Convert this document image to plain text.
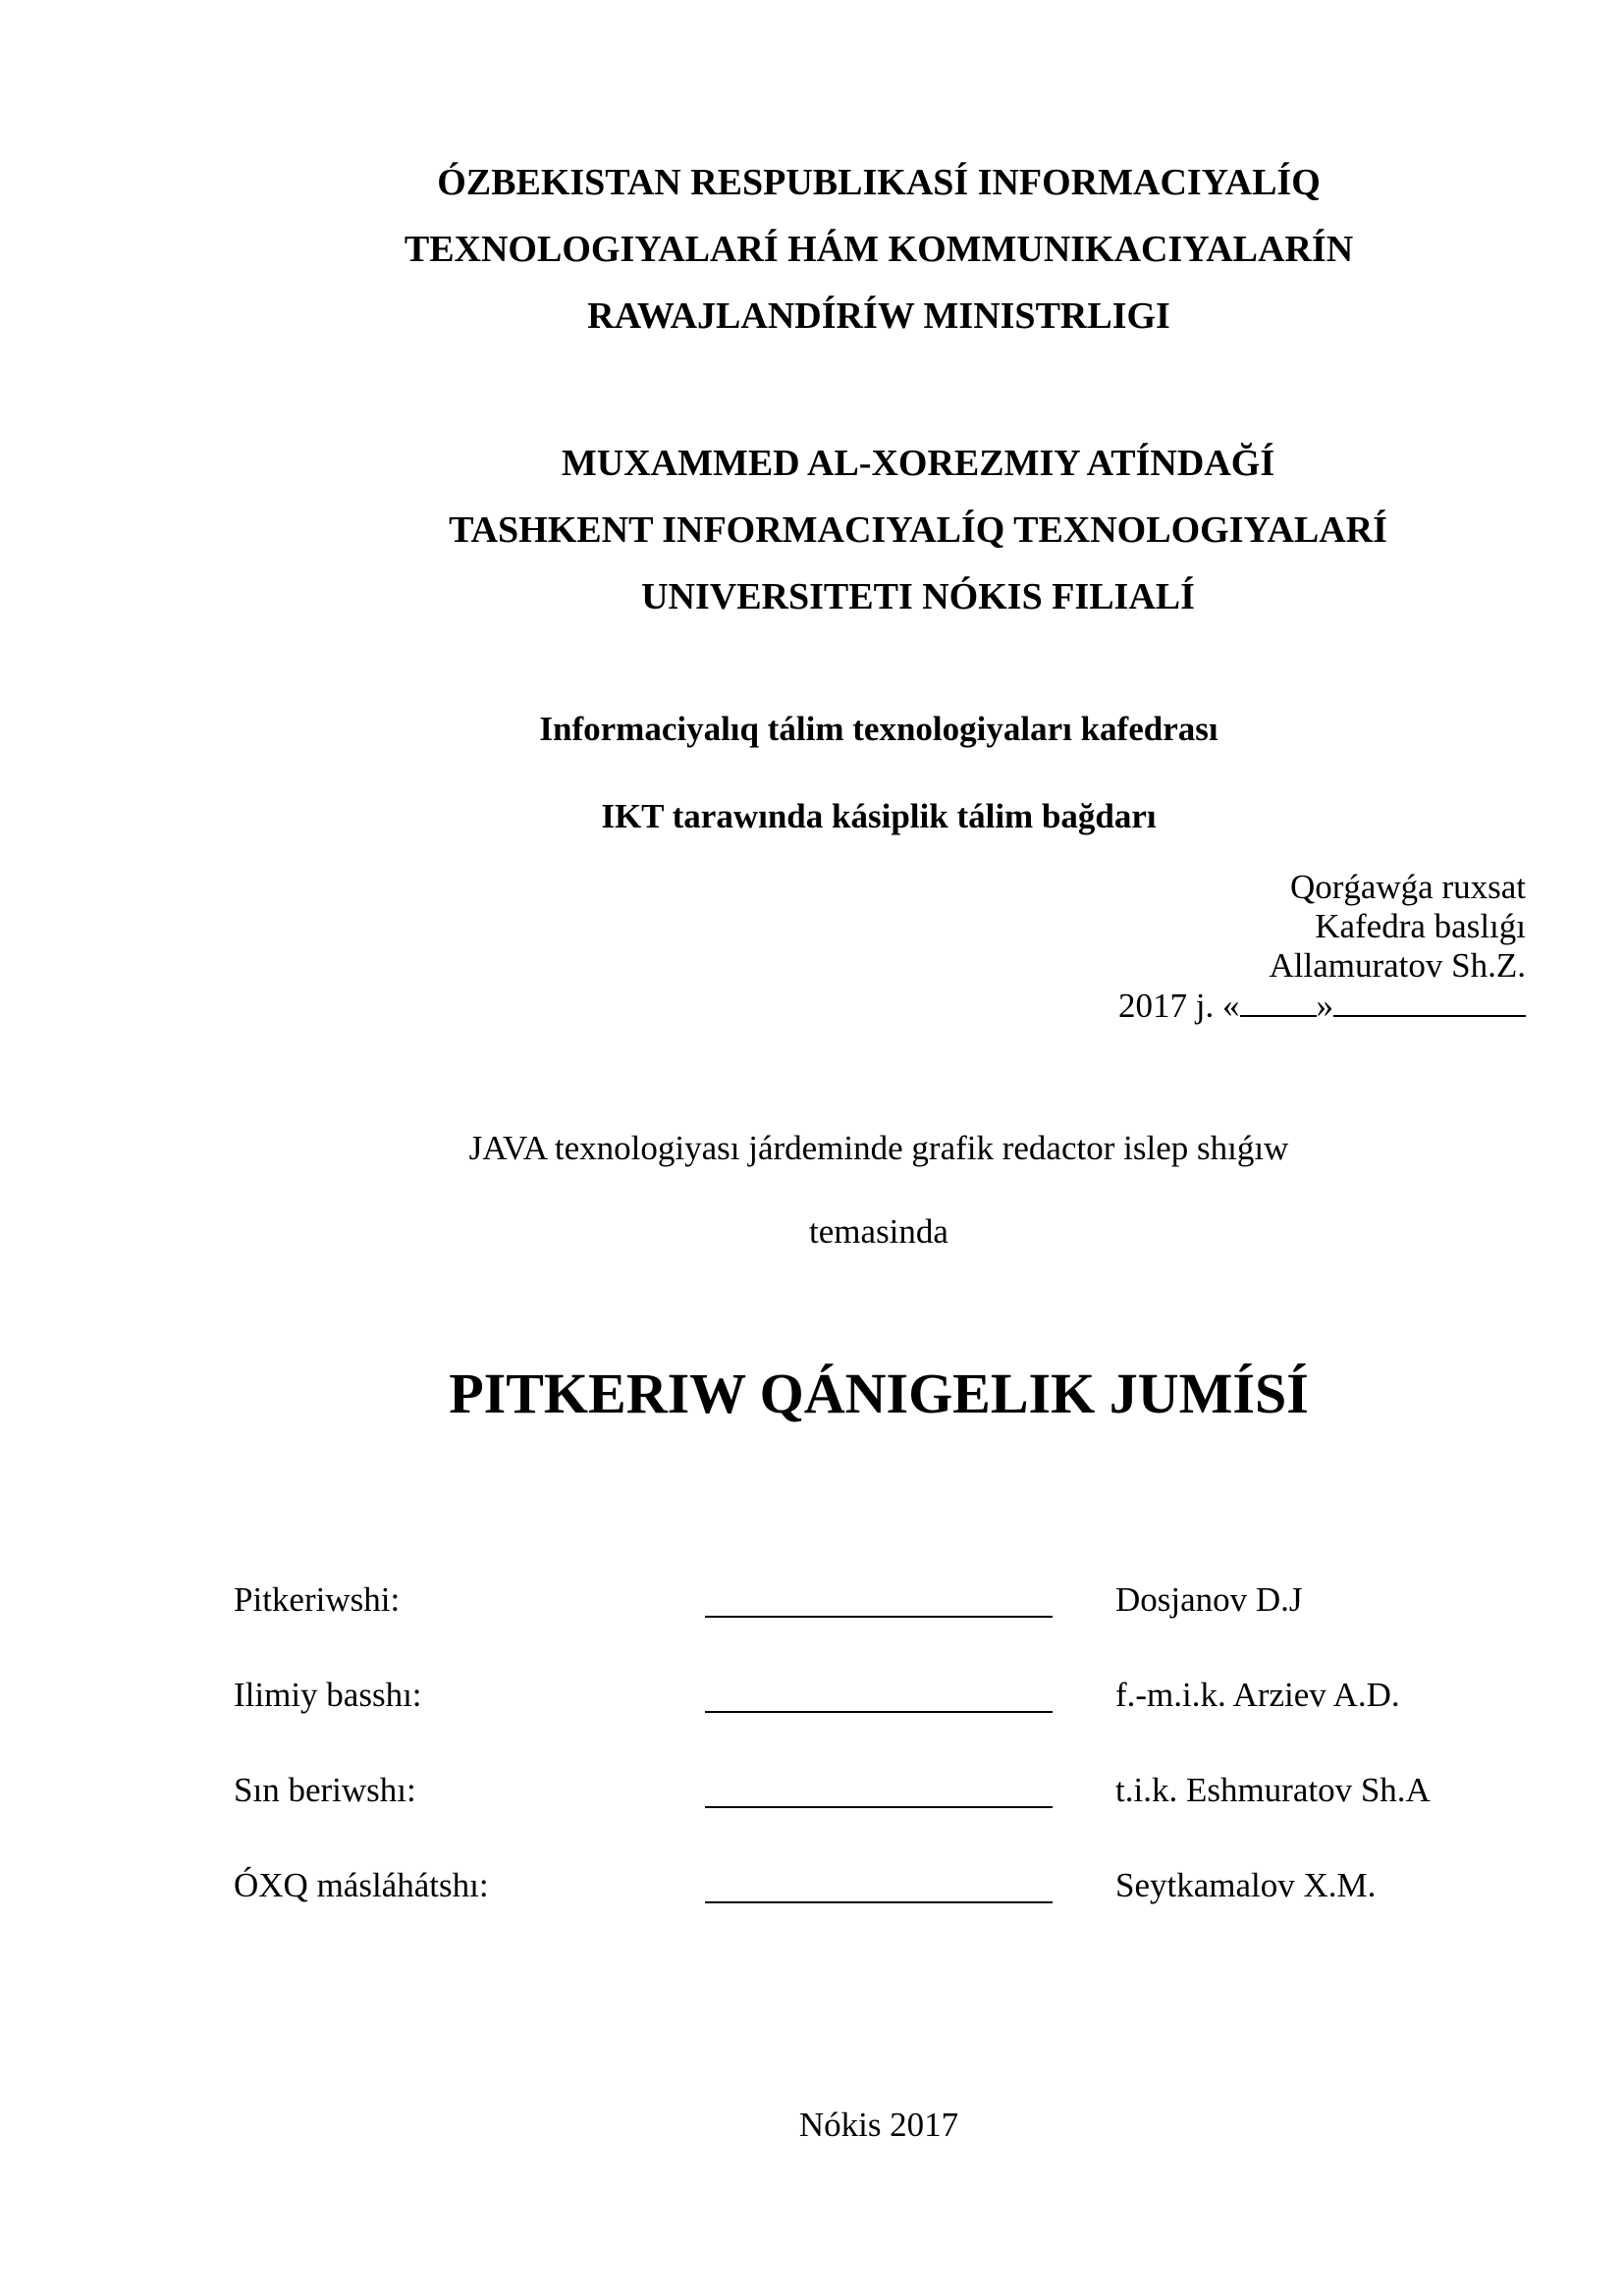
ÓZBEKISTAN RESPUBLIKASÍ INFORMACIYALÍQ
TEXNOLOGIYALARÍ HÁM KOMMUNIKACIYALARÍN
RAWAJLANDÍRÍW MINISTRLIGI
MUXAMMED AL-XOREZMIY ATÍNDAĞÍ
TASHKENT INFORMACIYALÍQ TEXNOLOGIYALARÍ
UNIVERSITETI NÓKIS FILIALÍ
Informaciyalıq tálim texnologiyaları kafedrası
IKT tarawında kásiplik tálim bağdarı
Qorǵawǵa ruxsat
Kafedra baslıǵı
Allamuratov Sh.Z.
2017 j. « »
JAVA texnologiyası járdeminde grafik redactor islep shıǵıw
temasinda
PITKERIW QÁNIGELIK JUMÍSÍ
Pitkeriwshi:	Dosjanov D.J
Ilimiy basshı:	f.-m.i.k. Arziev A.D.
Sın beriwshı:	t.i.k. Eshmuratov Sh.A
ÓXQ másláhátshı:	Seytkamalov X.M.
Nókis 2017
